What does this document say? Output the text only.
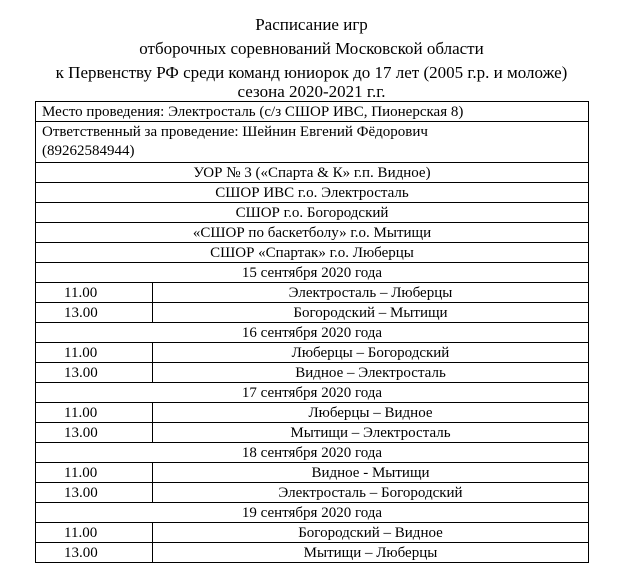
Расписание игр
отборочных соревнований Московской области
к Первенству РФ среди команд юниорок до 17 лет (2005 г.р. и моложе)
сезона 2020-2021 г.г.
Место проведения: Электросталь (с/з СШОР ИВС, Пионерская 8)	
Ответственный за проведение: Шейнин Евгений Фёдорович
(89262584944)	
УОР № 3 («Спарта & К» г.п. Видное)	
СШОР ИВС г.о. Электросталь	
СШОР г.о. Богородский	
«СШОР по баскетболу» г.о. Мытищи	
СШОР «Спартак» г.о. Люберцы	
15 сентября 2020 года	
11.00	Электросталь – Люберцы
13.00	Богородский – Мытищи
16 сентября 2020 года	
11.00	Люберцы – Богородский
13.00	Видное – Электросталь
17 сентября 2020 года	
11.00	Люберцы – Видное
13.00	Мытищи – Электросталь
18 сентября 2020 года	
11.00	Видное - Мытищи
13.00	Электросталь – Богородский
19 сентября 2020 года	
11.00	Богородский – Видное
13.00	Мытищи – Люберцы
